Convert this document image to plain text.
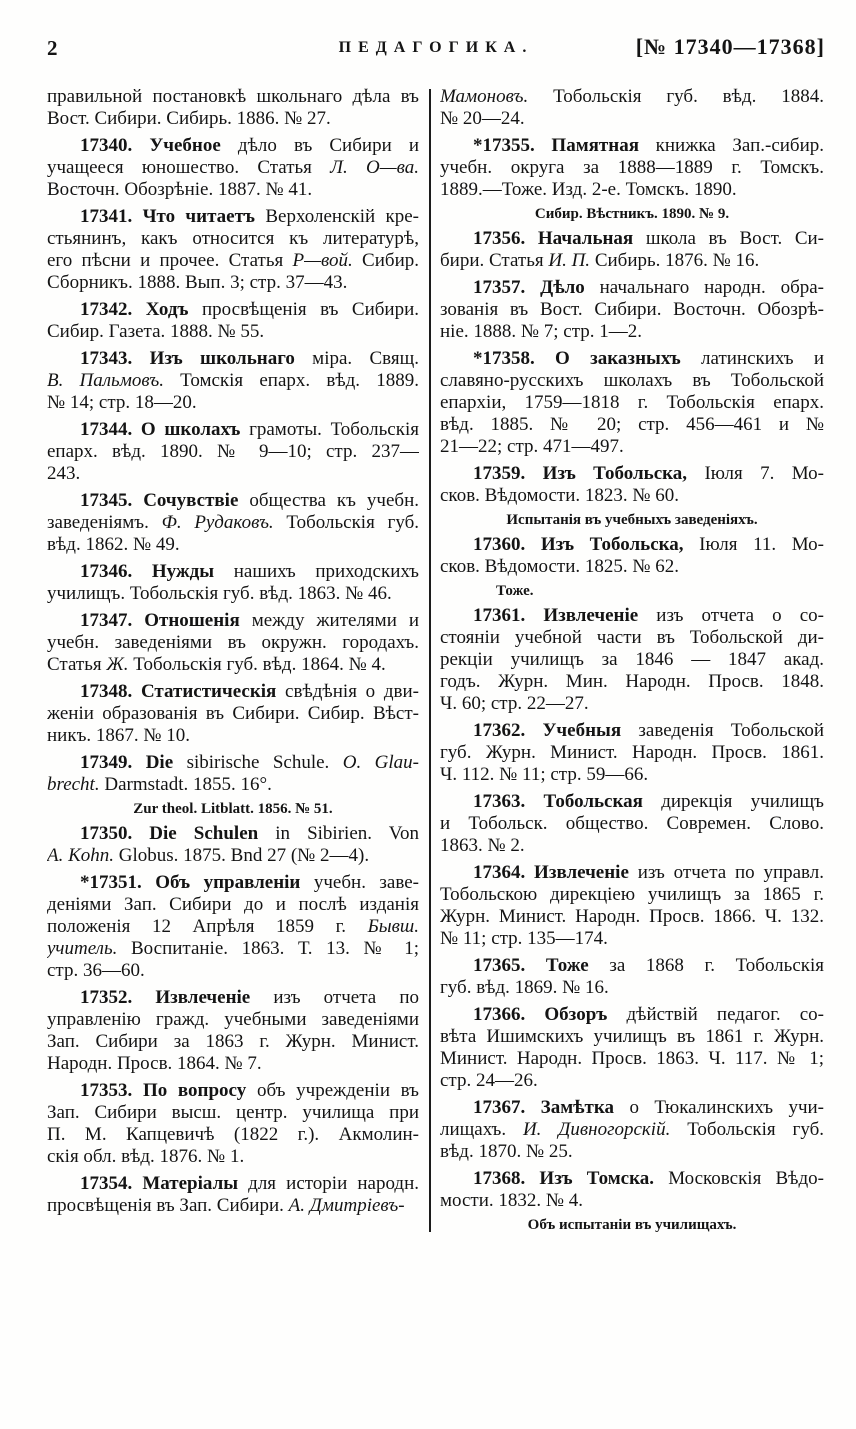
2	ПЕДАГОГИКА.	[№ 17340—17368]
правильной постановкѣ школьнаго дѣла въ
Вост. Сибири. Сибирь. 1886. № 27.
17340. Учебное дѣло въ Сибири и
учащееся юношество. Статья Л. О—ва.
Восточн. Обозрѣніе. 1887. № 41.
17341. Что читаетъ Верхоленскій кре-
стьянинъ, какъ относится къ литературѣ,
его пѣсни и прочее. Статья Р—вой. Сибир.
Сборникъ. 1888. Вып. 3; стр. 37—43.
17342. Ходъ просвѣщенія въ Сибири.
Сибир. Газета. 1888. № 55.
17343. Изъ школьнаго міра. Свящ.
В. Пальмовъ. Томскія епарх. вѣд. 1889.
№ 14; стр. 18—20.
17344. О школахъ грамоты. Тобольскія
епарх. вѣд. 1890. № 9—10; стр. 237—
243.
17345. Сочувствіе общества къ учебн.
заведеніямъ. Ф. Рудаковъ. Тобольскія губ.
вѣд. 1862. № 49.
17346. Нужды нашихъ приходскихъ
училищъ. Тобольскія губ. вѣд. 1863. № 46.
17347. Отношенія между жителями и
учебн. заведеніями въ окружн. городахъ.
Статья Ж. Тобольскія губ. вѣд. 1864. № 4.
17348. Статистическія свѣдѣнія о дви-
женіи образованія въ Сибири. Сибир. Вѣст-
никъ. 1867. № 10.
17349. Die sibirische Schule. O. Glau-
brecht. Darmstadt. 1855. 16°.
Zur theol. Litblatt. 1856. № 51.
17350. Die Schulen in Sibirien. Von
A. Kohn. Globus. 1875. Bnd 27 (№ 2—4).
*17351. Объ управленіи учебн. заве-
деніями Зап. Сибири до и послѣ изданія
положенія 12 Апрѣля 1859 г. Бывш.
учитель. Воспитаніе. 1863. Т. 13. № 1;
стр. 36—60.
17352. Извлеченіе изъ отчета по
управленію гражд. учебными заведеніями
Зап. Сибири за 1863 г. Журн. Минист.
Народн. Просв. 1864. № 7.
17353. По вопросу объ учрежденіи въ
Зап. Сибири высш. центр. училища при
П. М. Капцевичѣ (1822 г.). Акмолин-
скія обл. вѣд. 1876. № 1.
17354. Матеріалы для исторіи народн.
просвѣщенія въ Зап. Сибири. А. Дмитріевъ-
Мамоновъ. Тобольскія губ. вѣд. 1884.
№ 20—24.
*17355. Памятная книжка Зап.-сибир.
учебн. округа за 1888—1889 г. Томскъ.
1889.—Тоже. Изд. 2-е. Томскъ. 1890.
Сибир. Вѣстникъ. 1890. № 9.
17356. Начальная школа въ Вост. Си-
бири. Статья И. П. Сибирь. 1876. № 16.
17357. Дѣло начальнаго народн. обра-
зованія въ Вост. Сибири. Восточн. Обозрѣ-
ніе. 1888. № 7; стр. 1—2.
*17358. О заказныхъ латинскихъ и
славяно-русскихъ школахъ въ Тобольской
епархіи, 1759—1818 г. Тобольскія епарх.
вѣд. 1885. № 20; стр. 456—461 и №
21—22; стр. 471—497.
17359. Изъ Тобольска, Іюля 7. Мо-
сков. Вѣдомости. 1823. № 60.
Испытанія въ учебныхъ заведеніяхъ.
17360. Изъ Тобольска, Іюля 11. Мо-
сков. Вѣдомости. 1825. № 62.
Тоже.
17361. Извлеченіе изъ отчета о со-
стояніи учебной части въ Тобольской ди-
рекціи училищъ за 1846 — 1847 акад.
годъ. Журн. Мин. Народн. Просв. 1848.
Ч. 60; стр. 22—27.
17362. Учебныя заведенія Тобольской
губ. Журн. Минист. Народн. Просв. 1861.
Ч. 112. № 11; стр. 59—66.
17363. Тобольская дирекція училищъ
и Тобольск. общество. Современ. Слово.
1863. № 2.
17364. Извлеченіе изъ отчета по управл.
Тобольскою дирекціею училищъ за 1865 г.
Журн. Минист. Народн. Просв. 1866. Ч. 132.
№ 11; стр. 135—174.
17365. Тоже за 1868 г. Тобольскія
губ. вѣд. 1869. № 16.
17366. Обзоръ дѣйствій педагог. со-
вѣта Ишимскихъ училищъ въ 1861 г. Журн.
Минист. Народн. Просв. 1863. Ч. 117. № 1;
стр. 24—26.
17367. Замѣтка о Тюкалинскихъ учи-
лищахъ. И. Дивногорскій. Тобольскія губ.
вѣд. 1870. № 25.
17368. Изъ Томска. Московскія Вѣдо-
мости. 1832. № 4.
Объ испытаніи въ училищахъ.
